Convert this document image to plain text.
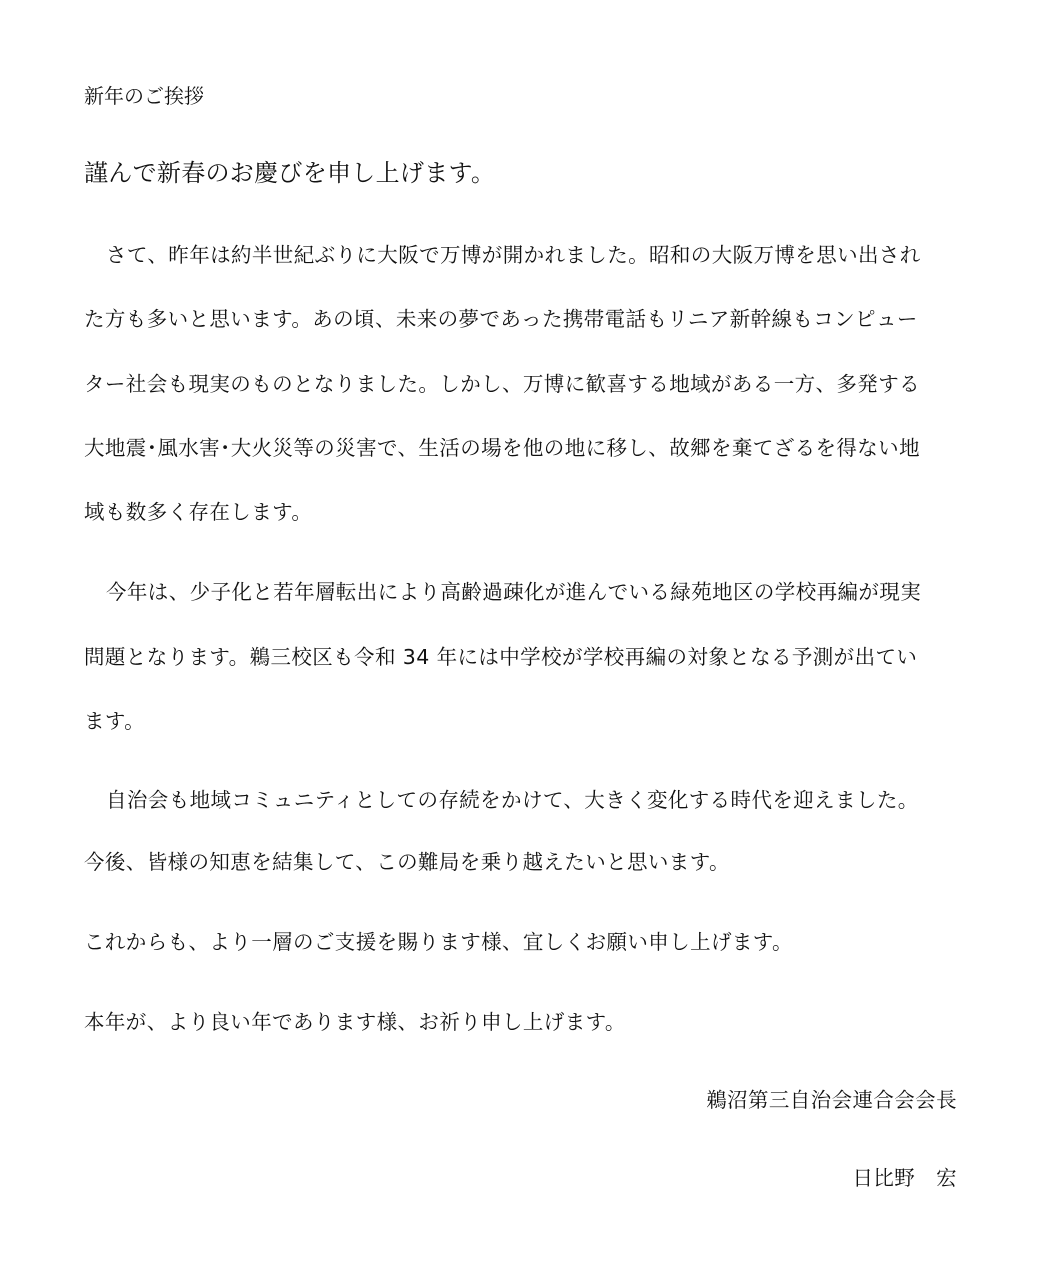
新年のご挨拶

謹んで新春のお慶びを申し上げます。

さて、昨年は約半世紀ぶりに大阪で万博が開かれました。昭和の大阪万博を思い出され

た方も多いと思います。あの頃、未来の夢であった携帯電話もリニア新幹線もコンピュー

ター社会も現実のものとなりました。しかし、万博に歓喜する地域がある一方、多発する

大地震･風水害･大火災等の災害で、生活の場を他の地に移し、故郷を棄てざるを得ない地

域も数多く存在します。

今年は、少子化と若年層転出により高齢過疎化が進んでいる緑苑地区の学校再編が現実

問題となります。鵜三校区も令和 34 年には中学校が学校再編の対象となる予測が出てい

ます。

自治会も地域コミュニティとしての存続をかけて、大きく変化する時代を迎えました。

今後、皆様の知恵を結集して、この難局を乗り越えたいと思います。

これからも、より一層のご支援を賜ります様、宜しくお願い申し上げます。

本年が、より良い年であります様、お祈り申し上げます。

鵜沼第三自治会連合会会長

日比野　宏
